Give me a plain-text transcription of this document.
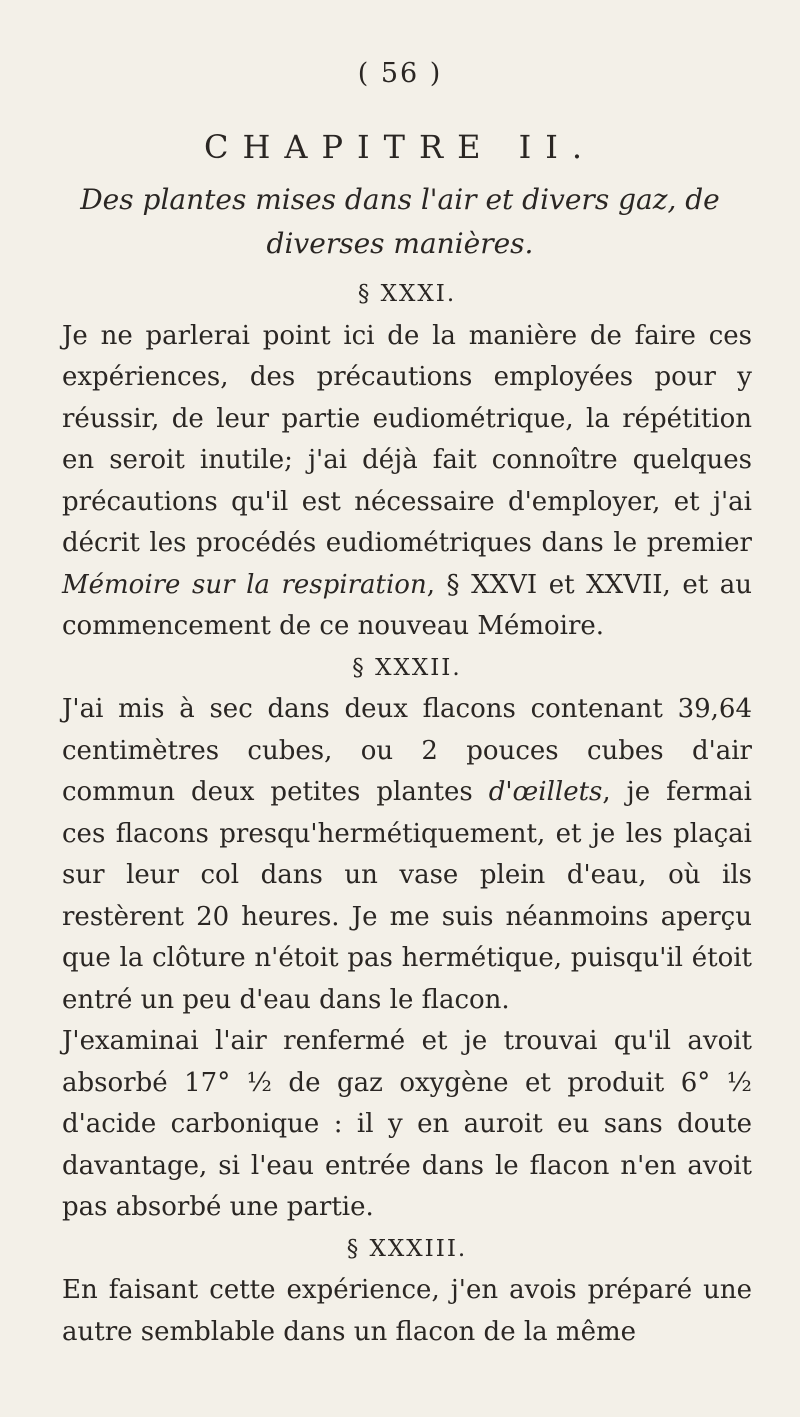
( 56 )
CHAPITRE II.
Des plantes mises dans l'air et divers gaz, de diverses manières.

§ XXXI.

Je ne parlerai point ici de la manière de faire ces expériences, des précautions employées pour y réussir, de leur partie eudiométrique, la répétition en seroit inutile; j'ai déjà fait connoître quelques précautions qu'il est nécessaire d'employer, et j'ai décrit les procédés eudiométriques dans le premier Mémoire sur la respiration, § XXVI et XXVII, et au commencement de ce nouveau Mémoire.

§ XXXII.

J'ai mis à sec dans deux flacons contenant 39,64 centimètres cubes, ou 2 pouces cubes d'air commun deux petites plantes d'œillets, je fermai ces flacons presqu'hermétiquement, et je les plaçai sur leur col dans un vase plein d'eau, où ils restèrent 20 heures. Je me suis néanmoins aperçu que la clôture n'étoit pas hermétique, puisqu'il étoit entré un peu d'eau dans le flacon.

J'examinai l'air renfermé et je trouvai qu'il avoit absorbé 17° ½ de gaz oxygène et produit 6° ½ d'acide carbonique : il y en auroit eu sans doute davantage, si l'eau entrée dans le flacon n'en avoit pas absorbé une partie.

§ XXXIII.

En faisant cette expérience, j'en avois préparé une autre semblable dans un flacon de la même
